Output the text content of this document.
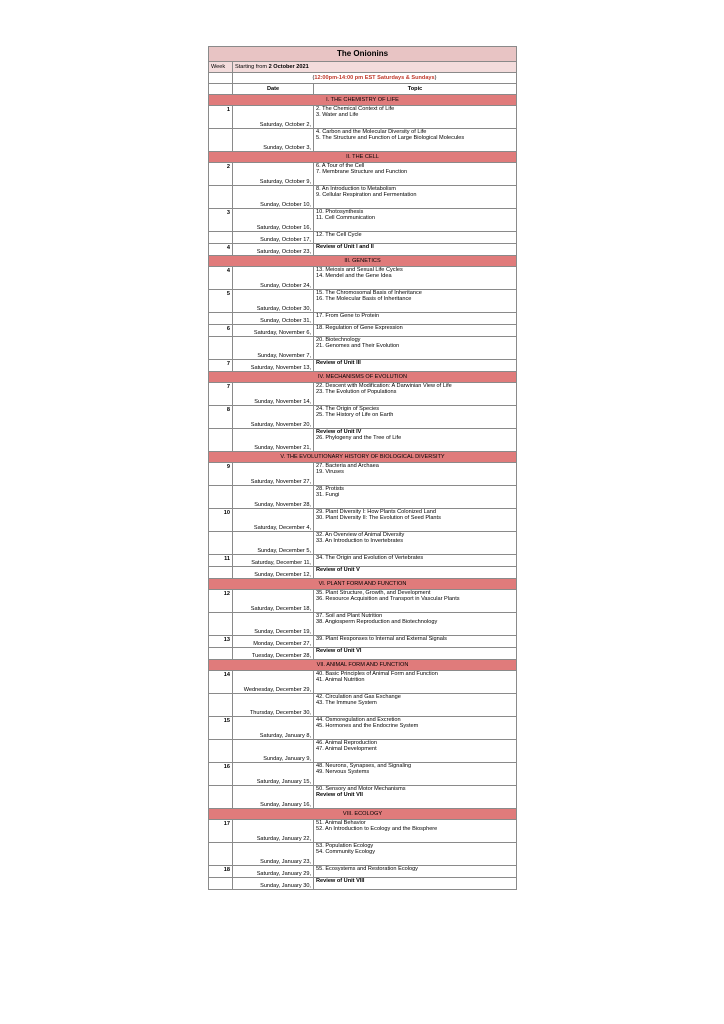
The Onionins		
Week	Starting from 2 October 2021	
	(12:00pm-14:00 pm EST Saturdays & Sundays)	
	Date	Topic
I. THE CHEMISTRY OF LIFE		
1	Saturday, October 2,	2. The Chemical Context of Life
3. Water and Life

	Sunday, October 3,	4. Carbon and the Molecular Diversity of Life
5. The Structure and Function of Large Biological Molecules

II. THE CELL		
2	Saturday, October 9,	6. A Tour of the Cell
7. Membrane Structure and Function

	Sunday, October 10,	8. An Introduction to Metabolism
9. Cellular Respiration and Fermentation

3	Saturday, October 16,	10. Photosynthesis
11. Cell Communication

	Sunday, October 17,	12. The Cell Cycle

4	Saturday, October 23,	Review of Unit I and II

III. GENETICS		
4	Sunday, October 24,	13. Meiosis and Sexual Life Cycles
14. Mendel and the Gene Idea

5	Saturday, October 30,	15. The Chromosomal Basis of Inheritance
16. The Molecular Basis of Inheritance

	Sunday, October 31,	17. From Gene to Protein

6	Saturday, November 6,	18. Regulation of Gene Expression

	Sunday, November 7,	20. Biotechnology
21. Genomes and Their Evolution

7	Saturday, November 13,	Review of Unit III

IV. MECHANISMS OF EVOLUTION		
7	Sunday, November 14,	22. Descent with Modification: A Darwinian View of Life
23. The Evolution of Populations

8	Saturday, November 20,	24. The Origin of Species
25. The History of Life on Earth

	Sunday, November 21,	Review of Unit IV
26. Phylogeny and the Tree of Life

V. THE EVOLUTIONARY HISTORY OF BIOLOGICAL DIVERSITY		
9	Saturday, November 27,	27. Bacteria and Archaea
19. Viruses

	Sunday, November 28,	28. Protists
31. Fungi

10	Saturday, December 4,	29. Plant Diversity I: How Plants Colonized Land
30. Plant Diversity II: The Evolution of Seed Plants

	Sunday, December 5,	32. An Overview of Animal Diversity
33. An Introduction to Invertebrates

11	Saturday, December 11,	34. The Origin and Evolution of Vertebrates

	Sunday, December 12,	Review of Unit V

VI. PLANT FORM AND FUNCTION		
12	Saturday, December 18,	35. Plant Structure, Growth, and Development
36. Resource Acquisition and Transport in Vascular Plants

	Sunday, December 19,	37. Soil and Plant Nutrition
38. Angiosperm Reproduction and Biotechnology

13	Monday, December 27,	39. Plant Responses to Internal and External Signals

	Tuesday, December 28,	Review of Unit VI

VII. ANIMAL FORM AND FUNCTION		
14	Wednesday, December 29,	40. Basic Principles of Animal Form and Function
41. Animal Nutrition

	Thursday, December 30,	42. Circulation and Gas Exchange
43. The Immune System

15	Saturday, January 8,	44. Osmoregulation and Excretion
45. Hormones and the Endocrine System

	Sunday, January 9,	46. Animal Reproduction
47. Animal Development

16	Saturday, January 15,	48. Neurons, Synapses, and Signaling
49. Nervous Systems

	Sunday, January 16,	50. Sensory and Motor Mechanisms
Review of Unit VII

VIII. ECOLOGY		
17	Saturday, January 22,	51. Animal Behavior
52. An Introduction to Ecology and the Biosphere

	Sunday, January 23,	53. Population Ecology
54. Community Ecology

18	Saturday, January 29,	55. Ecosystems and Restoration Ecology

	Sunday, January 30,	Review of Unit VIII
